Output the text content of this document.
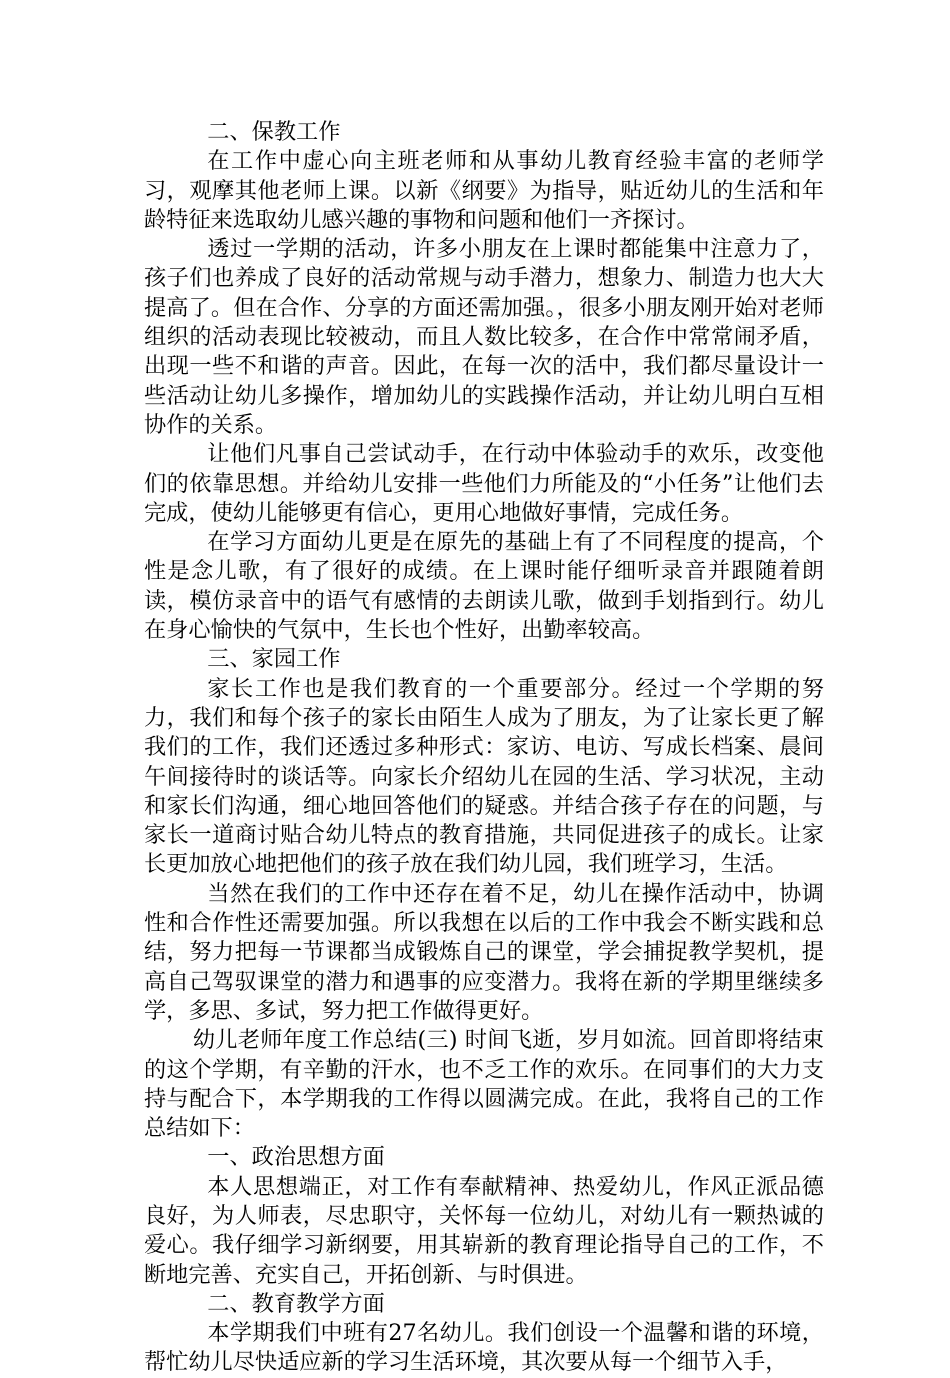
二、保教工作

在工作中虚心向主班老师和从事幼儿教育经验丰富的老师学习，观摩其他老师上课。以新《纲要》为指导，贴近幼儿的生活和年龄特征来选取幼儿感兴趣的事物和问题和他们一齐探讨。

透过一学期的活动，许多小朋友在上课时都能集中注意力了，孩子们也养成了良好的活动常规与动手潜力，想象力、制造力也大大提高了。但在合作、分享的方面还需加强。，很多小朋友刚开始对老师组织的活动表现比较被动，而且人数比较多，在合作中常常闹矛盾，出现一些不和谐的声音。因此，在每一次的活中，我们都尽量设计一些活动让幼儿多操作，增加幼儿的实践操作活动，并让幼儿明白互相协作的关系。

让他们凡事自己尝试动手，在行动中体验动手的欢乐，改变他们的依靠思想。并给幼儿安排一些他们力所能及的“小任务”让他们去完成，使幼儿能够更有信心，更用心地做好事情，完成任务。

在学习方面幼儿更是在原先的基础上有了不同程度的提高，个性是念儿歌，有了很好的成绩。在上课时能仔细听录音并跟随着朗读，模仿录音中的语气有感情的去朗读儿歌，做到手划指到行。幼儿在身心愉快的气氛中，生长也个性好，出勤率较高。

三、家园工作

家长工作也是我们教育的一个重要部分。经过一个学期的努力，我们和每个孩子的家长由陌生人成为了朋友，为了让家长更了解我们的工作，我们还透过多种形式：家访、电访、写成长档案、晨间午间接待时的谈话等。向家长介绍幼儿在园的生活、学习状况，主动和家长们沟通，细心地回答他们的疑惑。并结合孩子存在的问题，与家长一道商讨贴合幼儿特点的教育措施，共同促进孩子的成长。让家长更加放心地把他们的孩子放在我们幼儿园，我们班学习，生活。

当然在我们的工作中还存在着不足，幼儿在操作活动中，协调性和合作性还需要加强。所以我想在以后的工作中我会不断实践和总结，努力把每一节课都当成锻炼自己的课堂，学会捕捉教学契机，提高自己驾驭课堂的潜力和遇事的应变潜力。我将在新的学期里继续多学，多思、多试，努力把工作做得更好。

幼儿老师年度工作总结(三) 时间飞逝，岁月如流。回首即将结束的这个学期，有辛勤的汗水，也不乏工作的欢乐。在同事们的大力支持与配合下，本学期我的工作得以圆满完成。在此，我将自己的工作总结如下：

一、政治思想方面

本人思想端正，对工作有奉献精神、热爱幼儿，作风正派品德良好，为人师表，尽忠职守，关怀每一位幼儿，对幼儿有一颗热诚的爱心。我仔细学习新纲要，用其崭新的教育理论指导自己的工作，不断地完善、充实自己，开拓创新、与时俱进。

二、教育教学方面

本学期我们中班有27名幼儿。我们创设一个温馨和谐的环境，帮忙幼儿尽快适应新的学习生活环境，其次要从每一个细节入手，
